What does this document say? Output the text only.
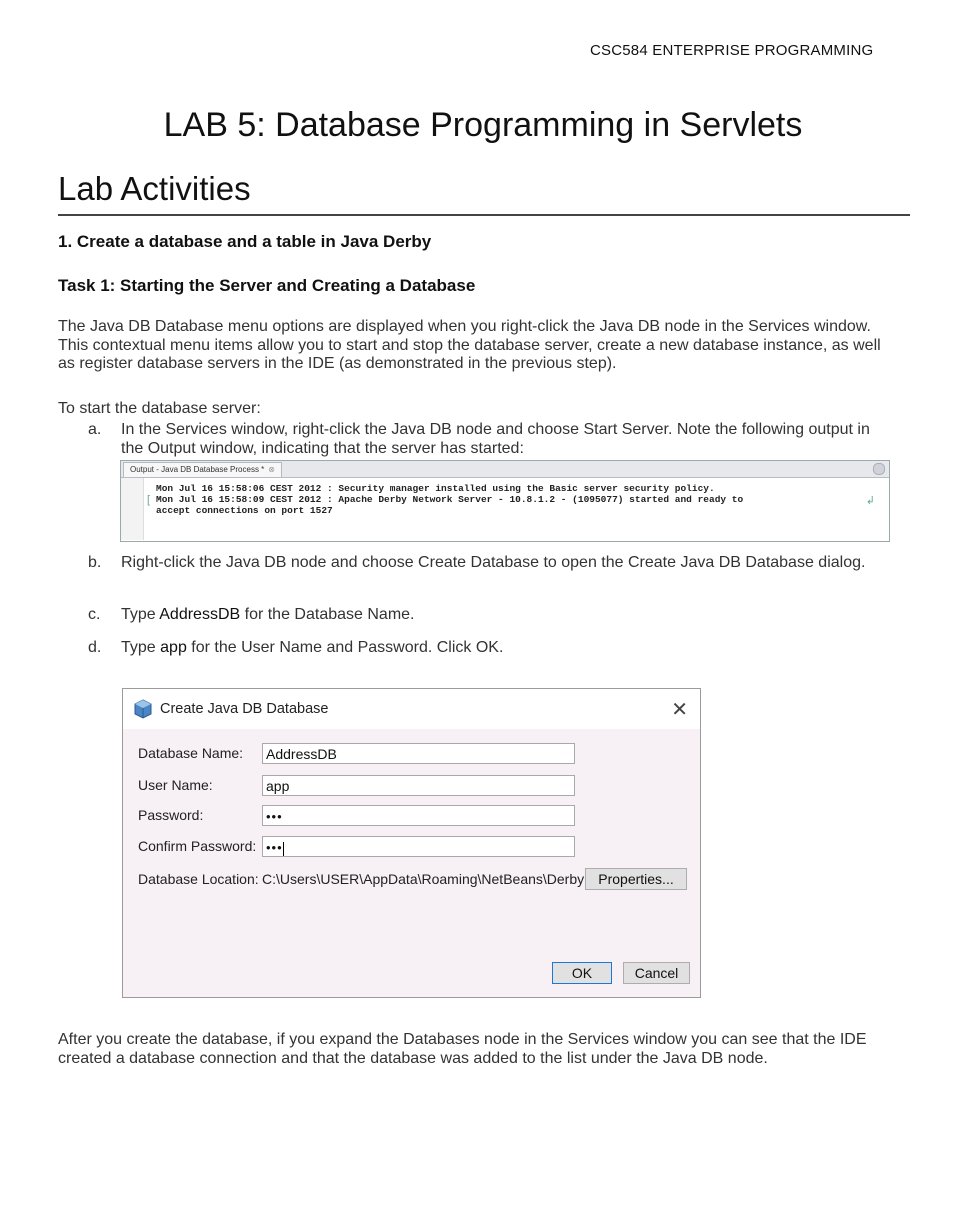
CSC584 ENTERPRISE PROGRAMMING
LAB 5: Database Programming in Servlets
Lab Activities
1. Create a database and a table in Java Derby
Task 1: Starting the Server and Creating a Database
The Java DB Database menu options are displayed when you right-click the Java DB node in the Services window. This contextual menu items allow you to start and stop the database server, create a new database instance, as well as register database servers in the IDE (as demonstrated in the previous step).
To start the database server:
a.	In the Services window, right-click the Java DB node and choose Start Server. Note the following output in the Output window, indicating that the server has started:
Output - Java DB Database Process * ⊗
[
Mon Jul 16 15:58:06 CEST 2012 : Security manager installed using the Basic server security policy.
Mon Jul 16 15:58:09 CEST 2012 : Apache Derby Network Server - 10.8.1.2 - (1095077) started and ready to
accept connections on port 1527
↲
b.	Right-click the Java DB node and choose Create Database to open the Create Java DB Database dialog.
c.	Type AddressDB for the Database Name.
d.	Type app for the User Name and Password. Click OK.
Create Java DB Database	✕
Database Name: AddressDB
User Name:	app
Password:	•••
Confirm Password: •••
Database Location: C:\Users\USER\AppData\Roaming\NetBeans\Derby	Properties...
OK	Cancel
After you create the database, if you expand the Databases node in the Services window you can see that the IDE created a database connection and that the database was added to the list under the Java DB node.
